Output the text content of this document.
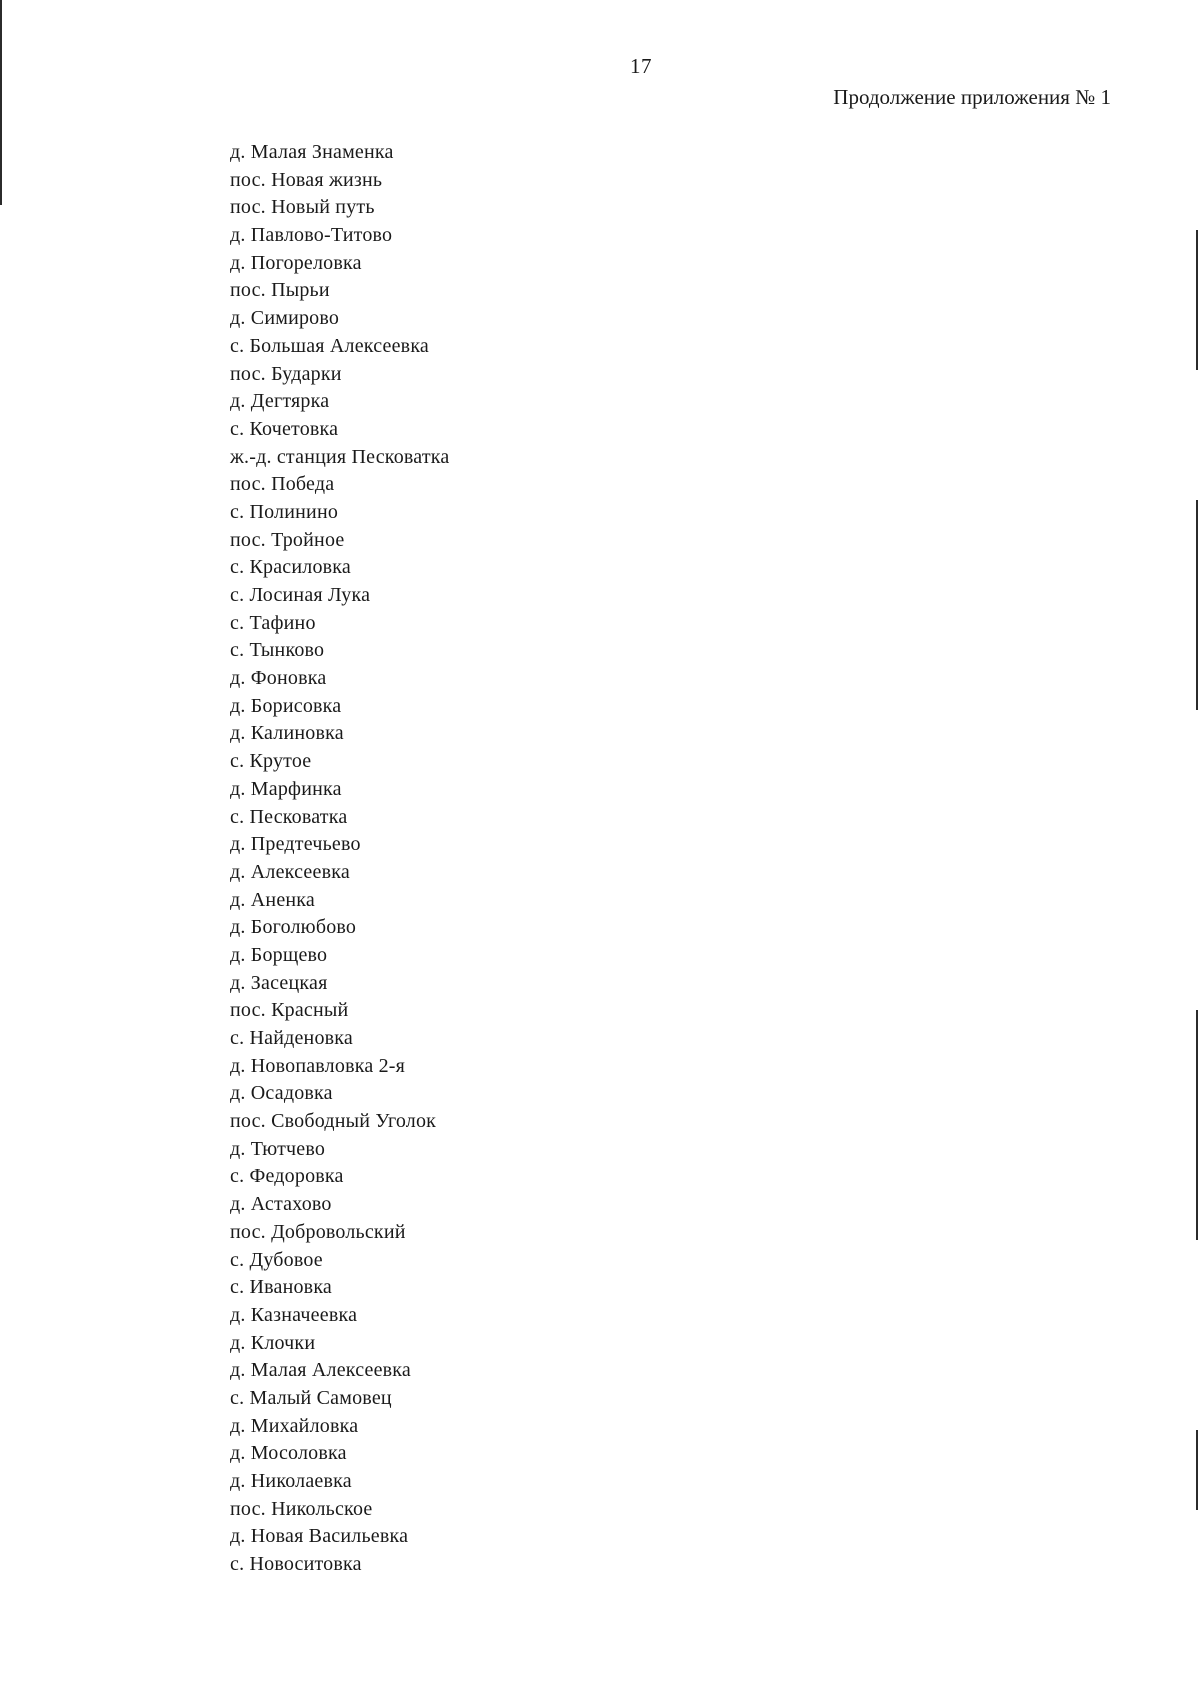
17
Продолжение приложения № 1
д. Малая Знаменка
пос. Новая жизнь
пос. Новый путь
д. Павлово-Титово
д. Погореловка
пос. Пырьи
д. Симирово
с. Большая Алексеевка
пос. Бударки
д. Дегтярка
с. Кочетовка
ж.-д. станция Песковатка
пос. Победа
с. Полинино
пос. Тройное
с. Красиловка
с. Лосиная Лука
с. Тафино
с. Тынково
д. Фоновка
д. Борисовка
д. Калиновка
с. Крутое
д. Марфинка
с. Песковатка
д. Предтечьево
д. Алексеевка
д. Аненка
д. Боголюбово
д. Борщево
д. Засецкая
пос. Красный
с. Найденовка
д. Новопавловка 2-я
д. Осадовка
пос. Свободный Уголок
д. Тютчево
с. Федоровка
д. Астахово
пос. Добровольский
с. Дубовое
с. Ивановка
д. Казначеевка
д. Клочки
д. Малая Алексеевка
с. Малый Самовец
д. Михайловка
д. Мосоловка
д. Николаевка
пос. Никольское
д. Новая Васильевка
с. Новоситовка
